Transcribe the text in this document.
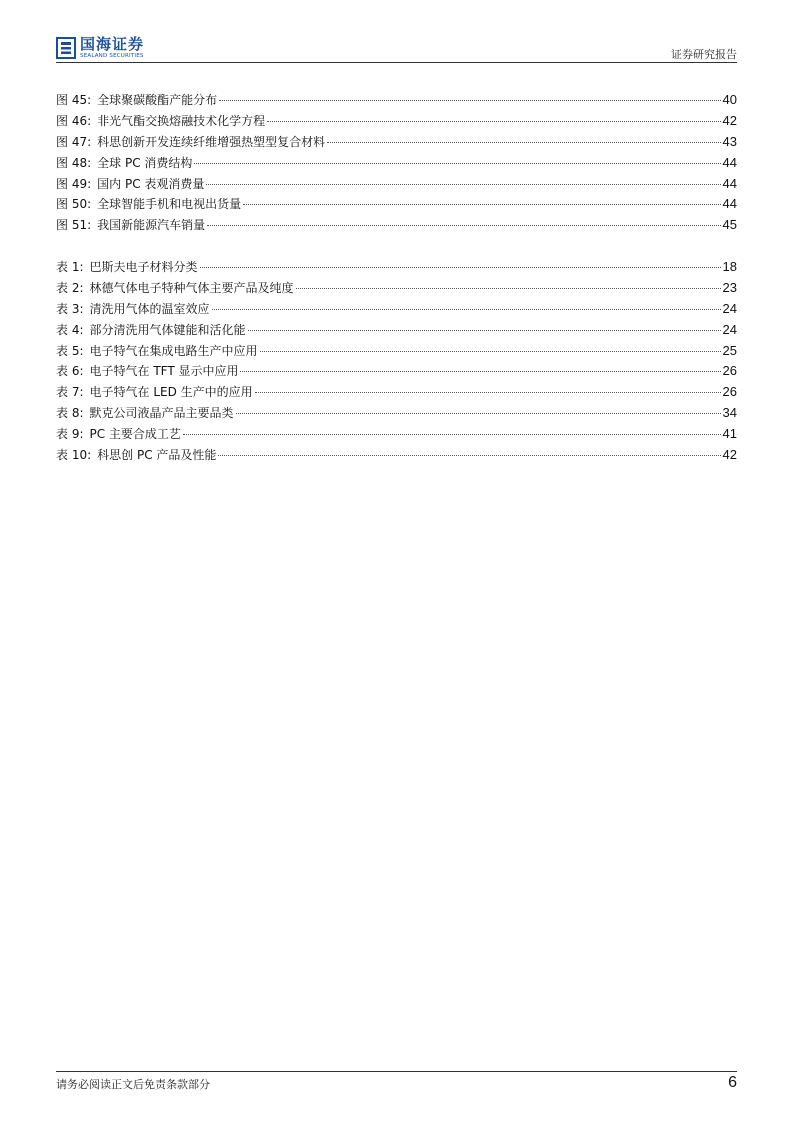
国海证券
SEALAND SECURITIES	证券研究报告
图 45: 全球聚碳酸酯产能分布	40
图 46: 非光气酯交换熔融技术化学方程	42
图 47: 科思创新开发连续纤维增强热塑型复合材料	43
图 48: 全球 PC 消费结构	44
图 49: 国内 PC 表观消费量	44
图 50: 全球智能手机和电视出货量	44
图 51: 我国新能源汽车销量	45
表 1: 巴斯夫电子材料分类	18
表 2: 林德气体电子特种气体主要产品及纯度	23
表 3: 清洗用气体的温室效应	24
表 4: 部分清洗用气体键能和活化能	24
表 5: 电子特气在集成电路生产中应用	25
表 6: 电子特气在 TFT 显示中应用	26
表 7: 电子特气在 LED 生产中的应用	26
表 8: 默克公司液晶产品主要品类	34
表 9: PC 主要合成工艺	41
表 10: 科思创 PC 产品及性能	42
请务必阅读正文后免责条款部分	6
